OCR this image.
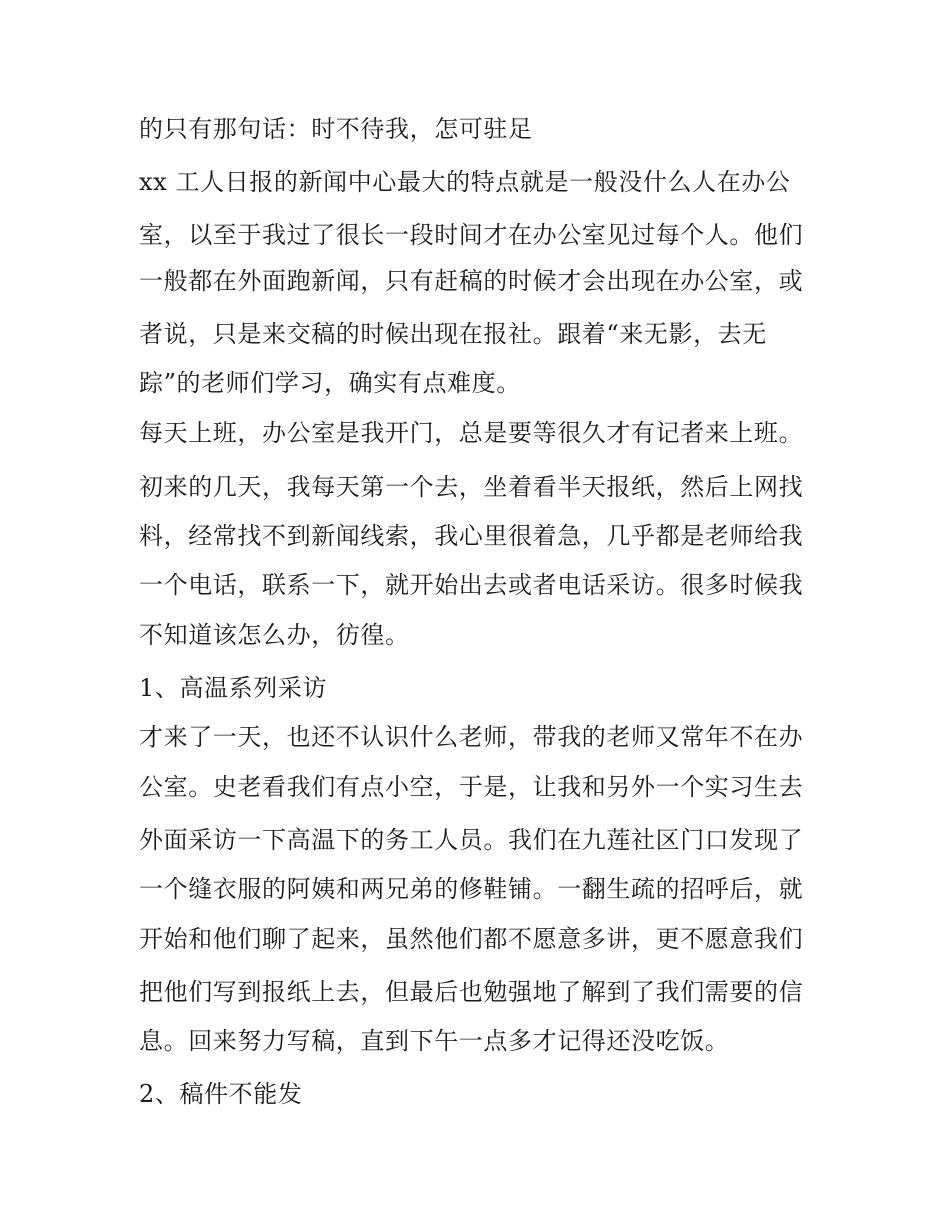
的只有那句话：时不待我，怎可驻足
xx 工人日报的新闻中心最大的特点就是一般没什么人在办公
室，以至于我过了很长一段时间才在办公室见过每个人。他们
一般都在外面跑新闻，只有赶稿的时候才会出现在办公室，或
者说，只是来交稿的时候出现在报社。跟着“来无影，去无
踪”的老师们学习，确实有点难度。
每天上班，办公室是我开门，总是要等很久才有记者来上班。
初来的几天，我每天第一个去，坐着看半天报纸，然后上网找
料，经常找不到新闻线索，我心里很着急，几乎都是老师给我
一个电话，联系一下，就开始出去或者电话采访。很多时候我
不知道该怎么办，彷徨。
1、高温系列采访
才来了一天，也还不认识什么老师，带我的老师又常年不在办
公室。史老看我们有点小空，于是，让我和另外一个实习生去
外面采访一下高温下的务工人员。我们在九莲社区门口发现了
一个缝衣服的阿姨和两兄弟的修鞋铺。一翻生疏的招呼后，就
开始和他们聊了起来，虽然他们都不愿意多讲，更不愿意我们
把他们写到报纸上去，但最后也勉强地了解到了我们需要的信
息。回来努力写稿，直到下午一点多才记得还没吃饭。
2、稿件不能发
